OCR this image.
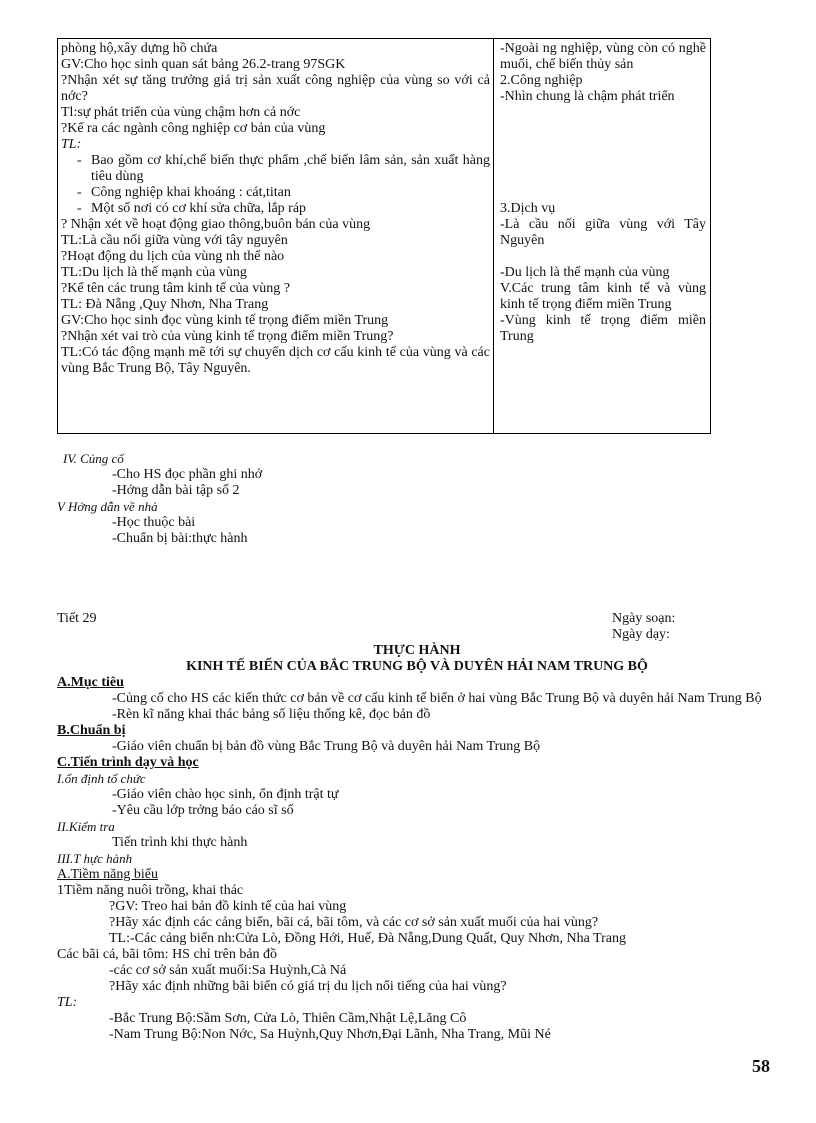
phòng hộ,xây dựng hồ chứa
GV:Cho học sinh quan sát bảng 26.2-trang 97SGK
?Nhận xét sự tăng trưởng giá trị sản xuất công nghiệp của vùng so với cả nớc?
Tl:sự phát triển của vùng chậm hơn cả nớc
?Kể ra các ngành công nghiệp cơ bản của vùng
TL:
- Bao gồm cơ khí,chế biến thực phẩm ,chế biến lâm sản, sản xuất hàng tiêu dùng
- Công nghiệp khai khoáng : cát,titan
- Một số nơi có cơ khí sửa chữa, lắp ráp
? Nhận xét về hoạt động giao thông,buôn bán của vùng
TL:Là cầu nối giữa vùng với tây nguyên
?Hoạt động du lịch của vùng nh thế nào
TL:Du lịch là thế mạnh của vùng
?Kể tên các trung tâm kinh tế của vùng ?
TL: Đà Nẵng ,Quy Nhơn, Nha Trang
GV:Cho học sinh đọc vùng kinh tế trọng điểm miền Trung
?Nhận xét vai trò của vùng kinh tế trọng điểm miền Trung?
TL:Có tác động mạnh mẽ tới sự chuyển dịch cơ cấu kinh tế của vùng và các vùng Bắc Trung Bộ, Tây Nguyên.
-Ngoài ng nghiệp, vùng còn có nghề muối, chế biến thủy sản
2.Công nghiệp
-Nhìn chung là chậm phát triển
3.Dịch vụ
-Là cầu nối giữa vùng với Tây Nguyên
-Du lịch là thế mạnh của vùng
V.Các trung tâm kinh tế và vùng kinh tế trọng điểm miền Trung
-Vùng kinh tế trọng điểm miền Trung
IV. Củng cố
-Cho HS đọc phần ghi nhớ
-Hớng dẫn bài tập số 2
V Hớng dẫn về nhà
-Học thuộc bài
-Chuẩn bị bài:thực hành
Tiết 29	Ngày soạn:
Ngày dạy:
THỰC HÀNH
KINH TẾ BIỂN CỦA BẮC TRUNG BỘ VÀ DUYÊN HẢI NAM TRUNG BỘ
A.Mục tiêu
-Củng cố cho HS các kiến thức cơ bản về cơ cấu kinh tế biển ở hai vùng Bắc Trung Bộ và duyên hải Nam Trung Bộ
-Rèn kĩ năng khai thác bảng số liệu thống kê, đọc bản đồ
B.Chuẩn bị
-Giáo viên chuẩn bị bản đồ vùng Bắc Trung Bộ và duyên hải Nam Trung Bộ
C.Tiến trình dạy và học
I.ổn định tổ chức
-Giáo viên chào học sinh, ổn định trật tự
-Yêu cầu lớp trởng báo cáo sĩ số
II.Kiểm tra
Tiến trình khi thực hành
III.T hực hành
A.Tiềm năng biểu
1Tiềm năng nuôi trồng, khai thác
?GV: Treo hai bản đồ kinh tế của hai vùng
?Hãy xác định các cảng biển, bãi cá, bãi tôm, và các cơ sở sản xuất muối của hai vùng?
TL:-Các cảng biển nh:Cửa Lò, Đồng Hới, Huế, Đà Nẵng,Dung Quất, Quy Nhơn, Nha Trang
Các bãi cá, bãi tôm: HS chỉ trên bản đồ
-các cơ sở sản xuất muối:Sa Huỳnh,Cà Ná
?Hãy xác định những bãi biển có giá trị du lịch nổi tiếng của hai vùng?
TL:
-Bắc Trung Bộ:Sầm Sơn, Cửa Lò, Thiên Cầm,Nhật Lệ,Lăng Cô
-Nam Trung Bộ:Non Nớc, Sa Huỳnh,Quy Nhơn,Đại Lãnh, Nha Trang, Mũi Né
58
